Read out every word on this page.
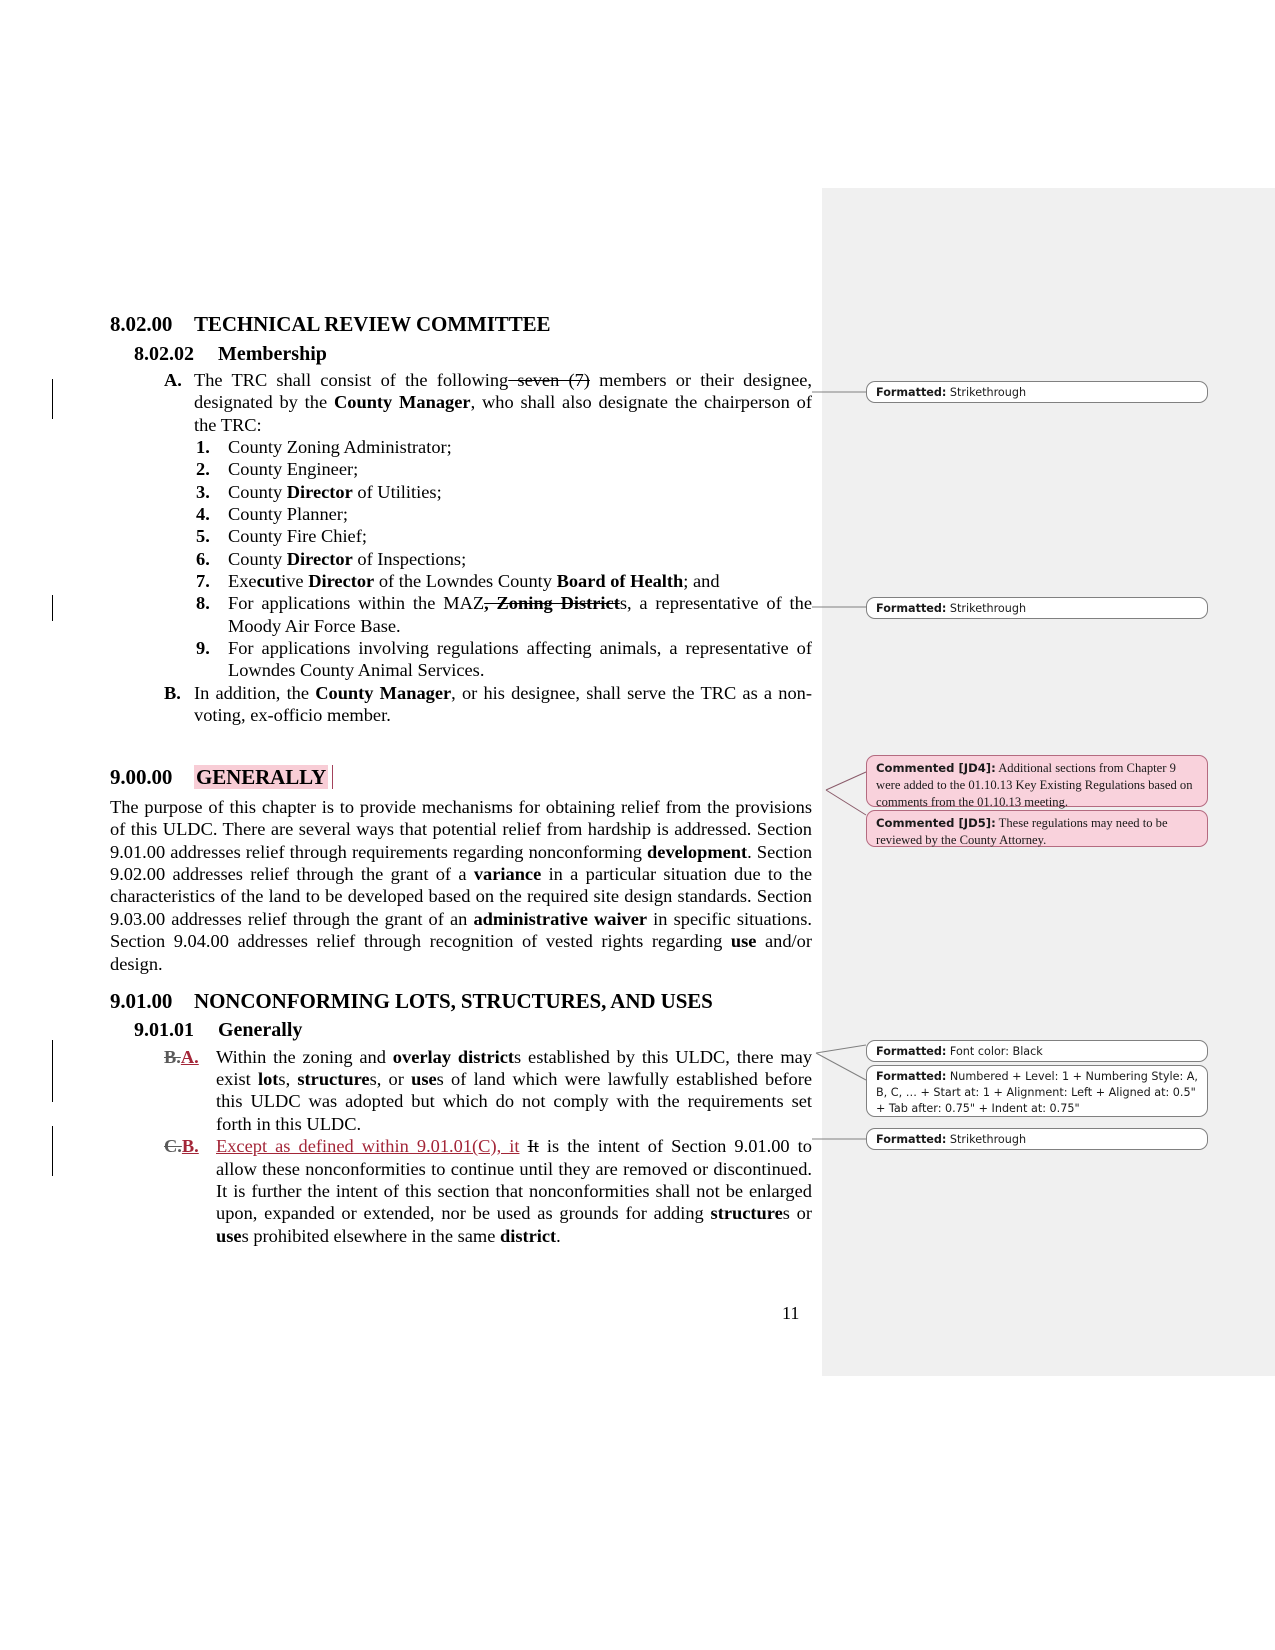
8.02.00 TECHNICAL REVIEW COMMITTEE
8.02.02 Membership
A. The TRC shall consist of the following seven (7) members or their designee, designated by the County Manager, who shall also designate the chairperson of the TRC:
1. County Zoning Administrator;
2. County Engineer;
3. County Director of Utilities;
4. County Planner;
5. County Fire Chief;
6. County Director of Inspections;
7. Executive Director of the Lowndes County Board of Health; and
8. For applications within the MAZ, Zoning Districts, a representative of the Moody Air Force Base.
9. For applications involving regulations affecting animals, a representative of Lowndes County Animal Services.
B. In addition, the County Manager, or his designee, shall serve the TRC as a non-voting, ex-officio member.
9.00.00 GENERALLY

The purpose of this chapter is to provide mechanisms for obtaining relief from the provisions of this ULDC. There are several ways that potential relief from hardship is addressed. Section 9.01.00 addresses relief through requirements regarding nonconforming development. Section 9.02.00 addresses relief through the grant of a variance in a particular situation due to the characteristics of the land to be developed based on the required site design standards. Section 9.03.00 addresses relief through the grant of an administrative waiver in specific situations. Section 9.04.00 addresses relief through recognition of vested rights regarding use and/or design.

9.01.00 NONCONFORMING LOTS, STRUCTURES, AND USES
9.01.01 Generally
B.A. Within the zoning and overlay districts established by this ULDC, there may exist lots, structures, or uses of land which were lawfully established before this ULDC was adopted but which do not comply with the requirements set forth in this ULDC.
C.B. Except as defined within 9.01.01(C), it It is the intent of Section 9.01.00 to allow these nonconformities to continue until they are removed or discontinued. It is further the intent of this section that nonconformities shall not be enlarged upon, expanded or extended, nor be used as grounds for adding structures or uses prohibited elsewhere in the same district.
11
Formatted: Strikethrough
Formatted: Strikethrough
Commented [JD4]: Additional sections from Chapter 9 were added to the 01.10.13 Key Existing Regulations based on comments from the 01.10.13 meeting.
Commented [JD5]: These regulations may need to be reviewed by the County Attorney.
Formatted: Font color: Black
Formatted: Numbered + Level: 1 + Numbering Style: A, B, C, … + Start at: 1 + Alignment: Left + Aligned at: 0.5" + Tab after: 0.75" + Indent at: 0.75"
Formatted: Strikethrough
